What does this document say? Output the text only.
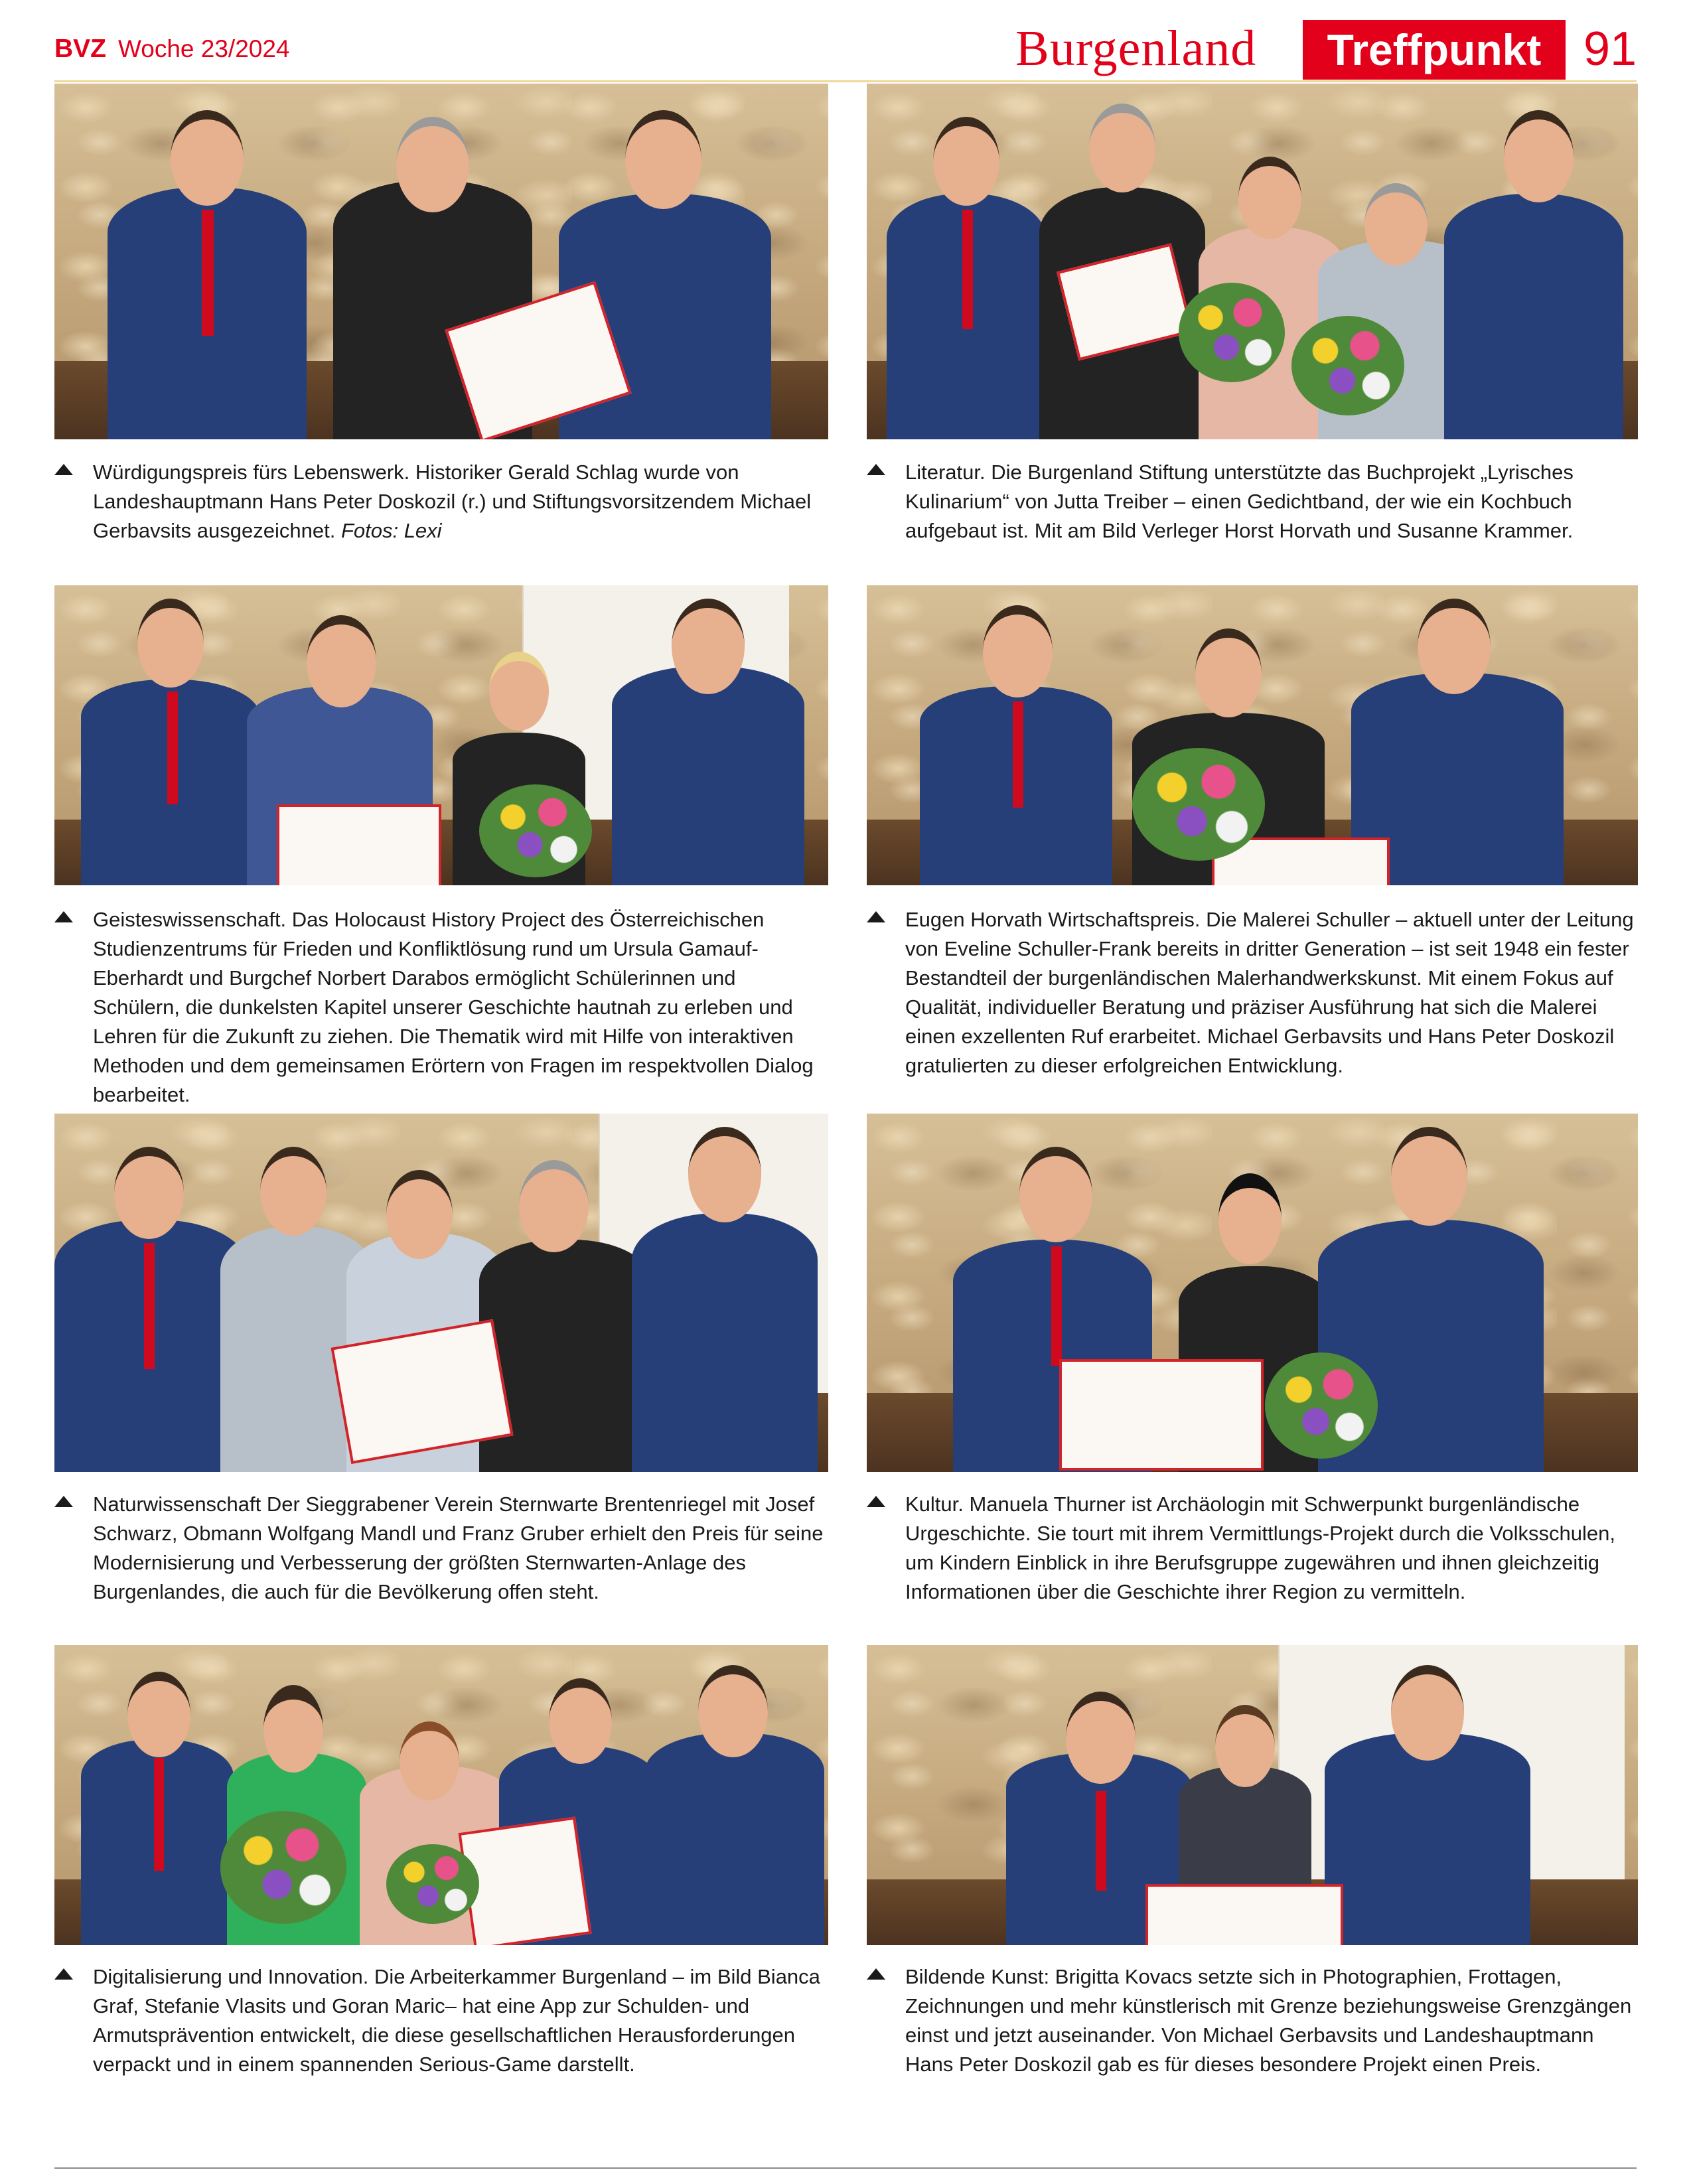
BVZ Woche 23/2024	Burgenland	Treffpunkt 91

Würdigungspreis fürs Lebenswerk. Historiker Gerald Schlag wurde von Landeshauptmann Hans Peter Doskozil (r.) und Stiftungsvorsitzendem Michael Gerbavsits ausgezeichnet. Fotos: Lexi

Literatur. Die Burgenland Stiftung unterstützte das Buchprojekt „Lyrisches Kulinarium“ von Jutta Treiber – einen Gedichtband, der wie ein Kochbuch aufgebaut ist. Mit am Bild Verleger Horst Horvath und Susanne Krammer.

Geisteswissenschaft. Das Holocaust History Project des Österreichischen Studienzentrums für Frieden und Konfliktlösung rund um Ursula Gamauf-Eberhardt und Burgchef Norbert Darabos ermöglicht Schülerinnen und Schülern, die dunkelsten Kapitel unserer Geschichte hautnah zu erleben und Lehren für die Zukunft zu ziehen. Die Thematik wird mit Hilfe von interaktiven Methoden und dem gemeinsamen Erörtern von Fragen im respektvollen Dialog bearbeitet.

Eugen Horvath Wirtschaftspreis. Die Malerei Schuller – aktuell unter der Leitung von Eveline Schuller-Frank bereits in dritter Generation – ist seit 1948 ein fester Bestandteil der burgenländischen Malerhandwerkskunst. Mit einem Fokus auf Qualität, individueller Beratung und präziser Ausführung hat sich die Malerei einen exzellenten Ruf erarbeitet. Michael Gerbavsits und Hans Peter Doskozil gratulierten zu dieser erfolgreichen Entwicklung.

Naturwissenschaft Der Sieggrabener Verein Sternwarte Brentenriegel mit Josef Schwarz, Obmann Wolfgang Mandl und Franz Gruber erhielt den Preis für seine Modernisierung und Verbesserung der größten Sternwarten-Anlage des Burgenlandes, die auch für die Bevölkerung offen steht.

Kultur. Manuela Thurner ist Archäologin mit Schwerpunkt burgenländische Urgeschichte. Sie tourt mit ihrem Vermittlungs-Projekt durch die Volksschulen, um Kindern Einblick in ihre Berufsgruppe zugewähren und ihnen gleichzeitig Informationen über die Geschichte ihrer Region zu vermitteln.

Digitalisierung und Innovation. Die Arbeiterkammer Burgenland – im Bild Bianca Graf, Stefanie Vlasits und Goran Maric– hat eine App zur Schulden- und Armutsprävention entwickelt, die diese gesellschaftlichen Herausforderungen verpackt und in einem spannenden Serious-Game darstellt.

Bildende Kunst: Brigitta Kovacs setzte sich in Photographien, Frottagen, Zeichnungen und mehr künstlerisch mit Grenze beziehungsweise Grenzgängen einst und jetzt auseinander. Von Michael Gerbavsits und Landeshauptmann Hans Peter Doskozil gab es für dieses besondere Projekt einen Preis.
